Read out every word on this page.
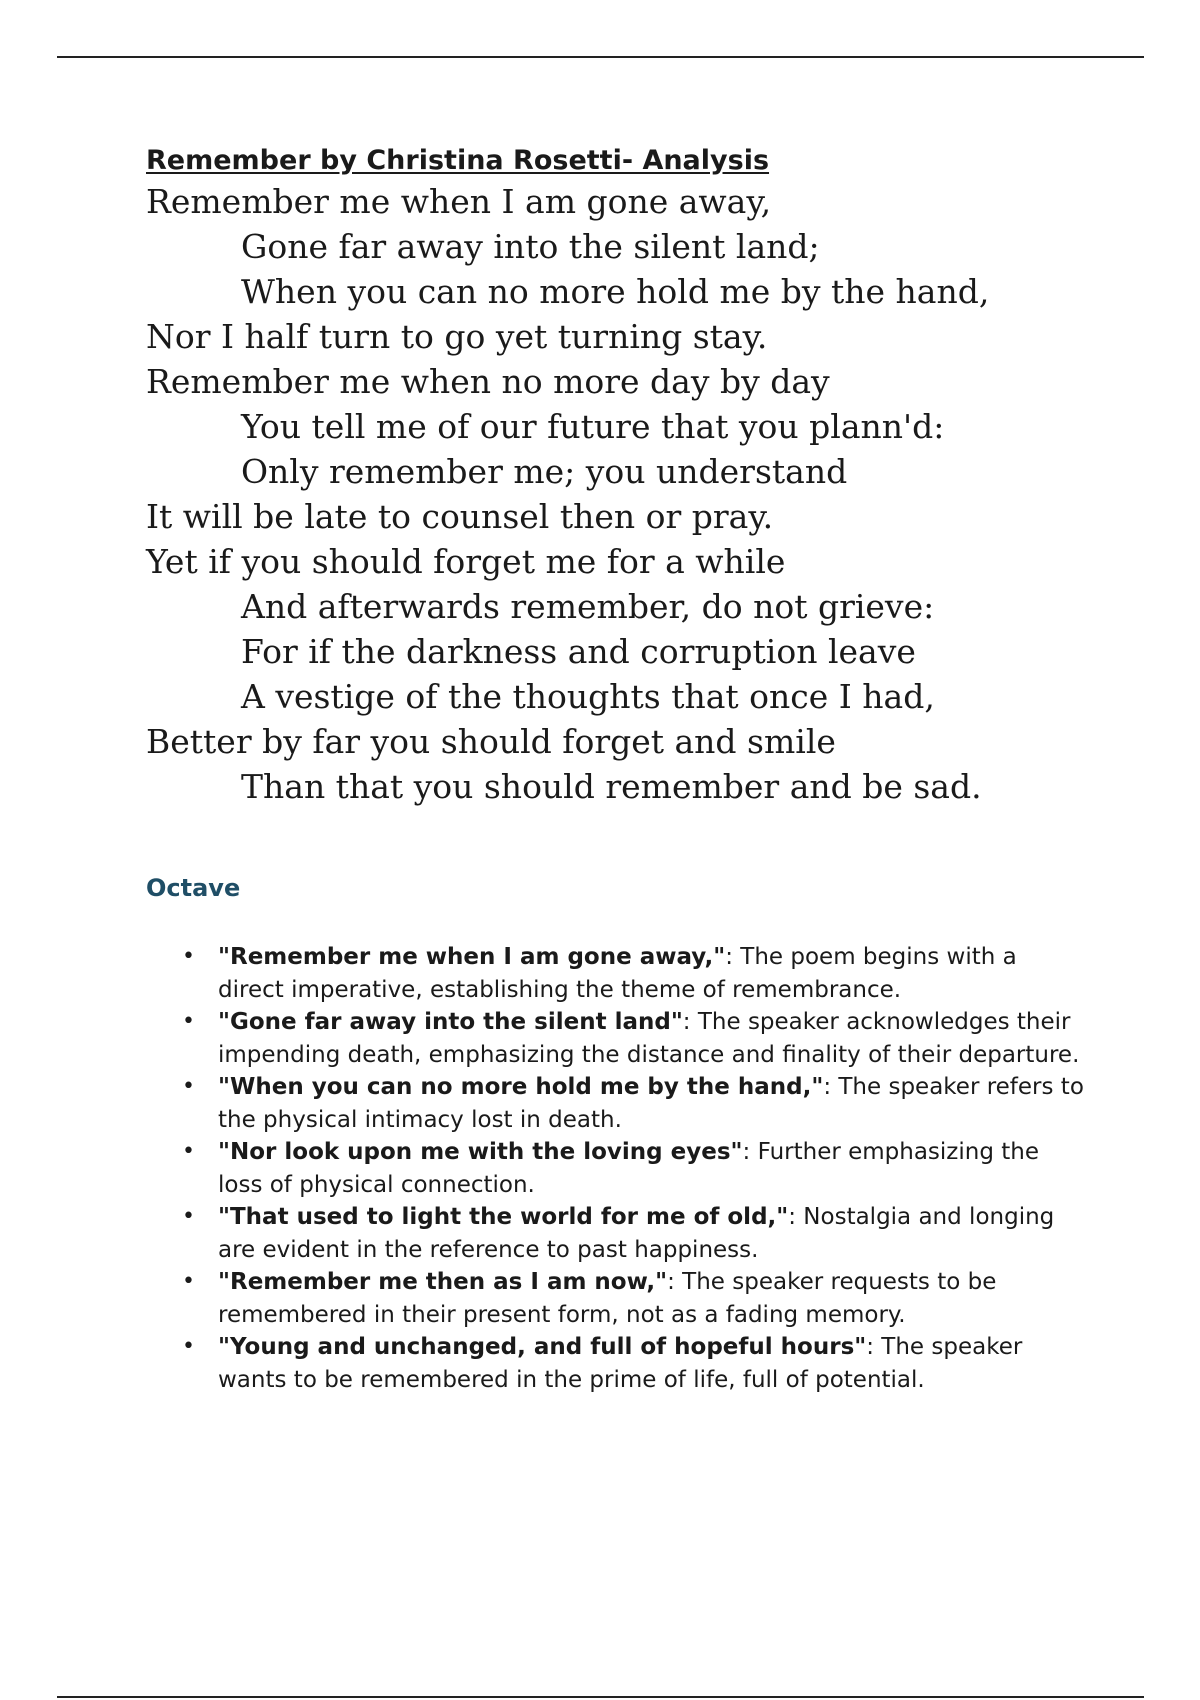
Remember by Christina Rosetti- Analysis
Remember me when I am gone away,
Gone far away into the silent land;
When you can no more hold me by the hand,
Nor I half turn to go yet turning stay.
Remember me when no more day by day
You tell me of our future that you plann'd:
Only remember me; you understand
It will be late to counsel then or pray.
Yet if you should forget me for a while
And afterwards remember, do not grieve:
For if the darkness and corruption leave
A vestige of the thoughts that once I had,
Better by far you should forget and smile
Than that you should remember and be sad.
Octave
• "Remember me when I am gone away,": The poem begins with a direct imperative, establishing the theme of remembrance.
• "Gone far away into the silent land": The speaker acknowledges their impending death, emphasizing the distance and finality of their departure.
• "When you can no more hold me by the hand,": The speaker refers to the physical intimacy lost in death.
• "Nor look upon me with the loving eyes": Further emphasizing the loss of physical connection.
• "That used to light the world for me of old,": Nostalgia and longing are evident in the reference to past happiness.
• "Remember me then as I am now,": The speaker requests to be remembered in their present form, not as a fading memory.
• "Young and unchanged, and full of hopeful hours": The speaker wants to be remembered in the prime of life, full of potential.
